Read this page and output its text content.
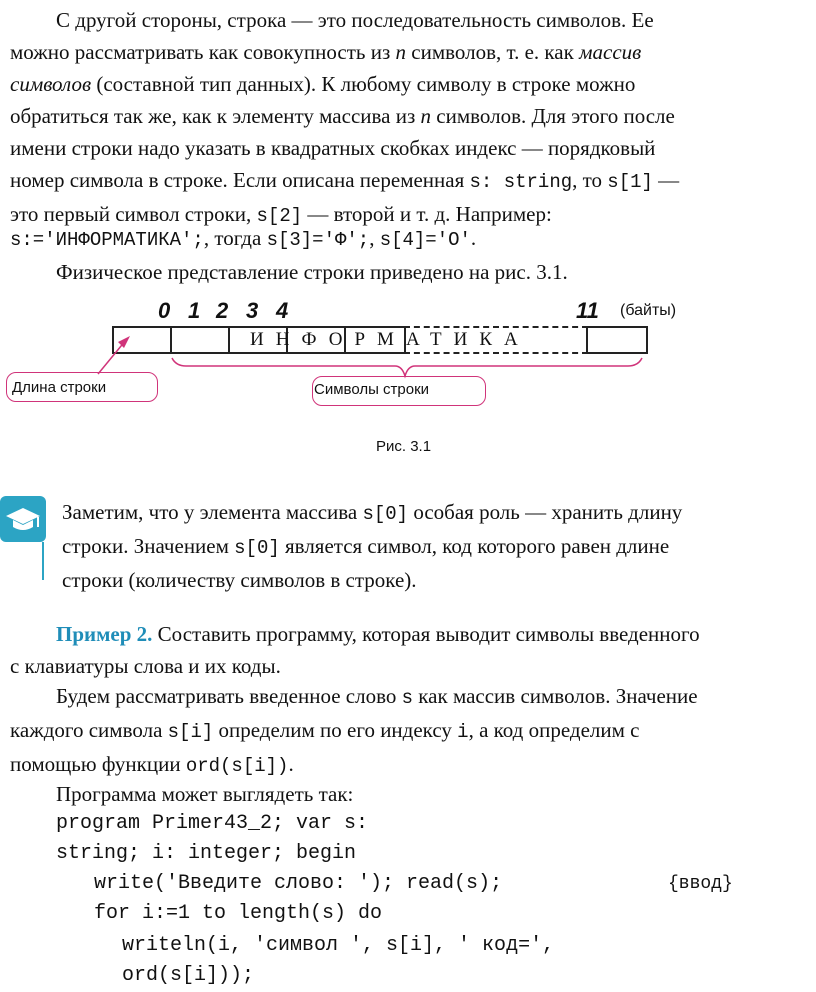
С другой стороны, строка — это последовательность символов. Ее
можно рассматривать как совокупность из n символов, т. е. как массив
символов (составной тип данных). К любому символу в строке можно
обратиться так же, как к элементу массива из n символов. Для этого после
имени строки надо указать в квадратных скобках индекс — порядковый
номер символа в строке. Если описана переменная s: string, то s[1] —
это первый символ строки, s[2] — второй и т. д. Например:
s:='ИНФОРМАТИКА';, тогда s[3]='Ф';, s[4]='О'.
Физическое представление строки приведено на рис. 3.1.
0 1 2 3 4	11 (байты)
ИНФОРМАТИКА
Длина строки	Символы строки
Рис. 3.1
Заметим, что у элемента массива s[0] особая роль — хранить длину
строки. Значением s[0] является символ, код которого равен длине
строки (количеству символов в строке).
Пример 2. Составить программу, которая выводит символы введенного
с клавиатуры слова и их коды.
Будем рассматривать введенное слово s как массив символов. Значение
каждого символа s[i] определим по его индексу i, а код определим с
помощью функции ord(s[i]).
Программа может выглядеть так:
program Primer43_2; var s:
string; i: integer; begin
write('Введите слово: '); read(s);	{ввод}
for i:=1 to length(s) do
writeln(i, 'символ ', s[i], ' код=',
ord(s[i]));
